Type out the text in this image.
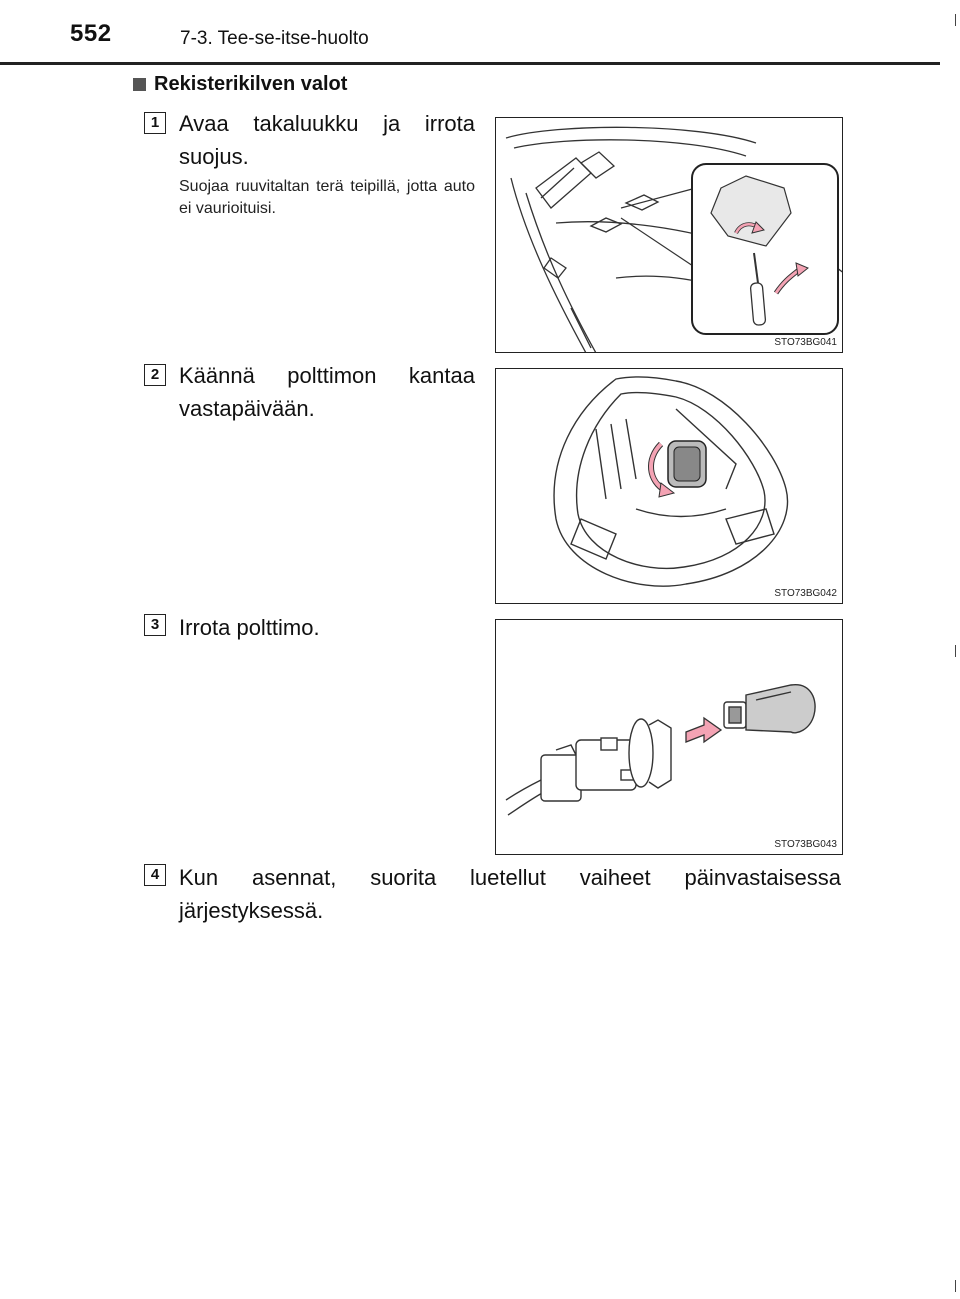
552	7-3. Tee-se-itse-huolto
Rekisterikilven valot
1 Avaa takaluukku ja irrota suojus.
Suojaa ruuvitaltan terä teipillä, jotta auto ei vaurioituisi.
STO73BG041
2 Käännä polttimon kantaa vastapäivään.
STO73BG042
3 Irrota polttimo.
STO73BG043
4 Kun asennat, suorita luetellut vaiheet päinvastaisessa järjestyksessä.
